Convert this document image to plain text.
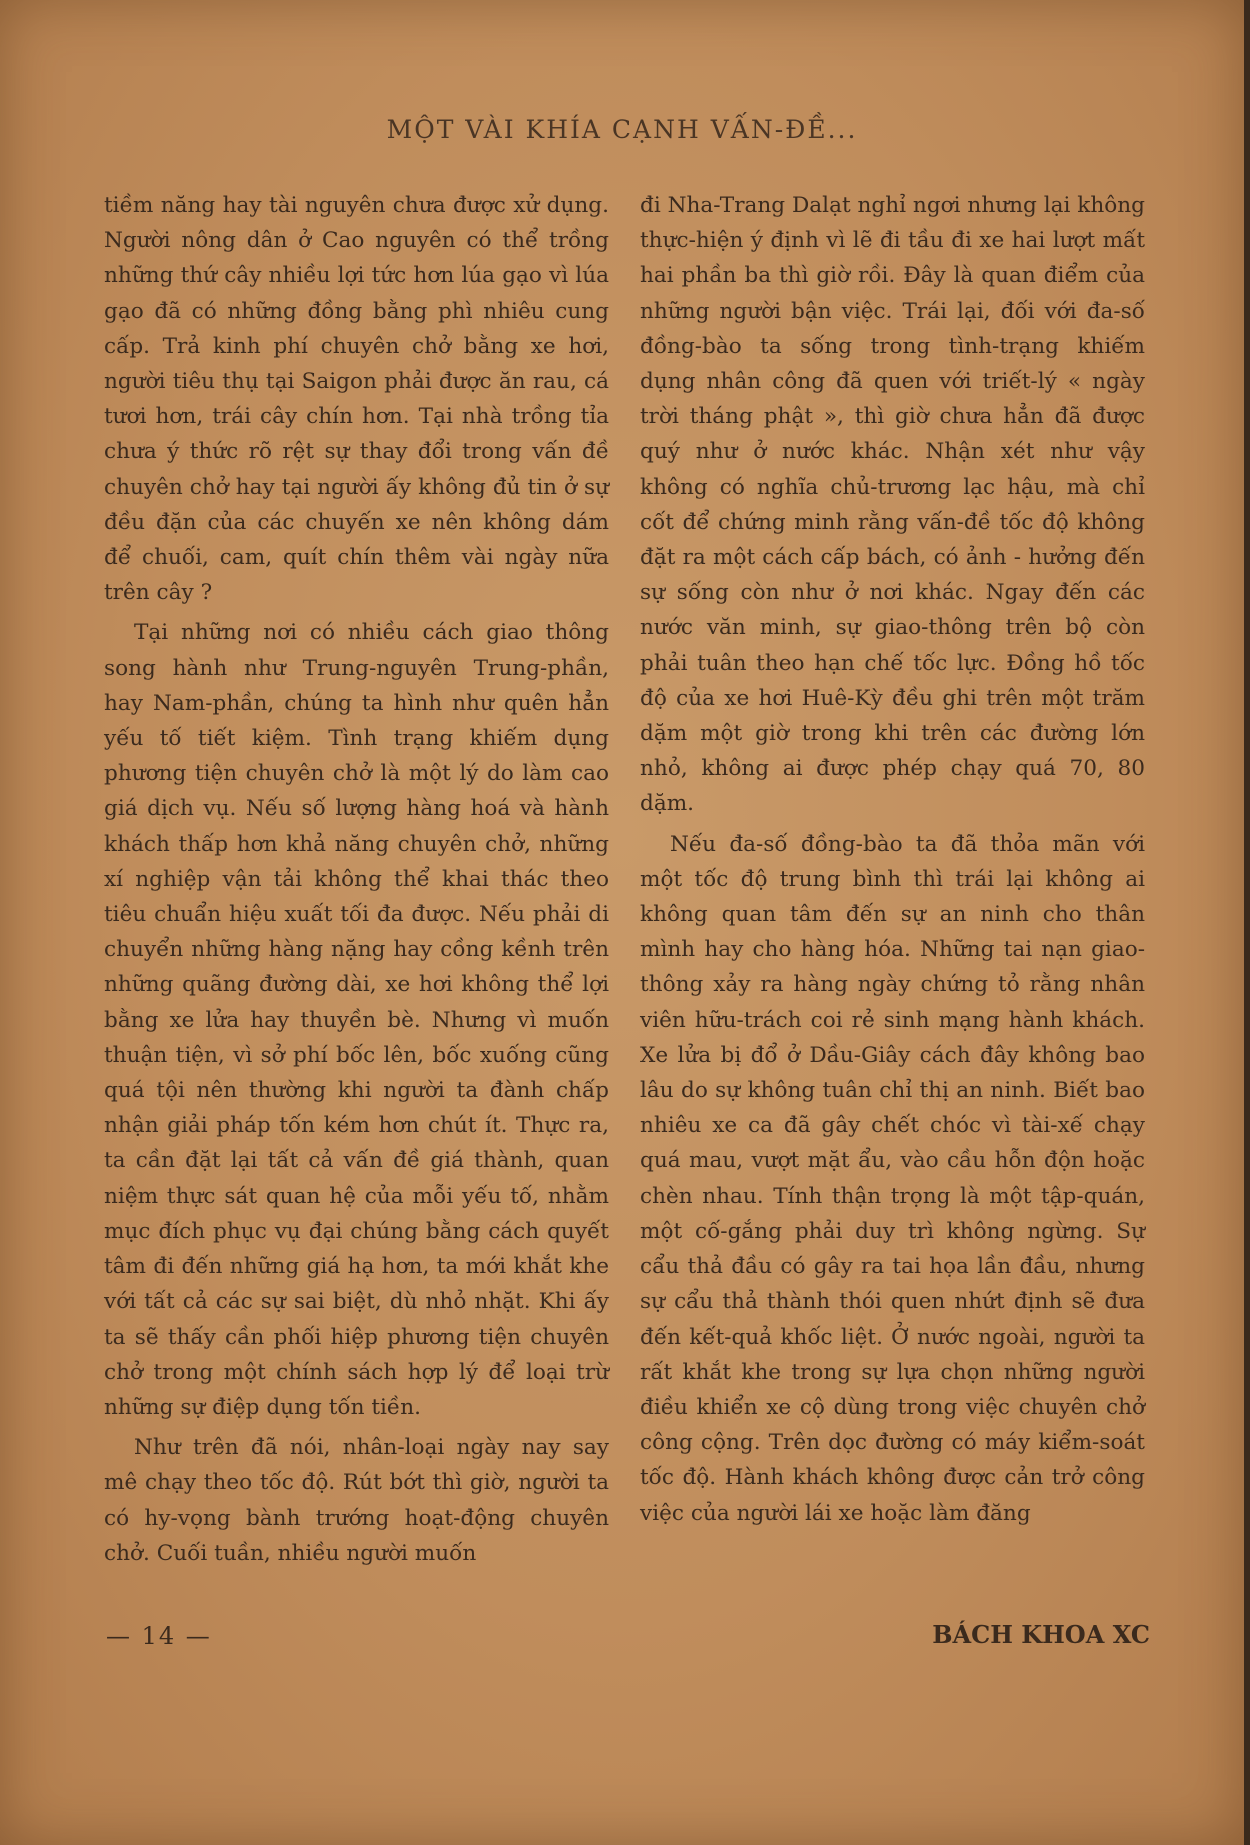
MỘT VÀI KHÍA CẠNH VẤN-ĐỀ...

tiềm năng hay tài nguyên chưa được xử dụng. Người nông dân ở Cao nguyên có thể trồng những thứ cây nhiều lợi tức hơn lúa gạo vì lúa gạo đã có những đồng bằng phì nhiêu cung cấp. Trả kinh phí chuyên chở bằng xe hơi, người tiêu thụ tại Saigon phải được ăn rau, cá tươi hơn, trái cây chín hơn. Tại nhà trồng tỉa chưa ý thức rõ rệt sự thay đổi trong vấn đề chuyên chở hay tại người ấy không đủ tin ở sự đều đặn của các chuyến xe nên không dám để chuối, cam, quít chín thêm vài ngày nữa trên cây ?

Tại những nơi có nhiều cách giao thông song hành như Trung-nguyên Trung-phần, hay Nam-phần, chúng ta hình như quên hẳn yếu tố tiết kiệm. Tình trạng khiếm dụng phương tiện chuyên chở là một lý do làm cao giá dịch vụ. Nếu số lượng hàng hoá và hành khách thấp hơn khả năng chuyên chở, những xí nghiệp vận tải không thể khai thác theo tiêu chuẩn hiệu xuất tối đa được. Nếu phải di chuyển những hàng nặng hay cồng kềnh trên những quãng đường dài, xe hơi không thể lợi bằng xe lửa hay thuyền bè. Nhưng vì muốn thuận tiện, vì sở phí bốc lên, bốc xuống cũng quá tội nên thường khi người ta đành chấp nhận giải pháp tốn kém hơn chút ít. Thực ra, ta cần đặt lại tất cả vấn đề giá thành, quan niệm thực sát quan hệ của mỗi yếu tố, nhằm mục đích phục vụ đại chúng bằng cách quyết tâm đi đến những giá hạ hơn, ta mới khắt khe với tất cả các sự sai biệt, dù nhỏ nhặt. Khi ấy ta sẽ thấy cần phối hiệp phương tiện chuyên chở trong một chính sách hợp lý để loại trừ những sự điệp dụng tốn tiền.

Như trên đã nói, nhân-loại ngày nay say mê chạy theo tốc độ. Rút bớt thì giờ, người ta có hy-vọng bành trướng hoạt-động chuyên chở. Cuối tuần, nhiều người muốn

đi Nha-Trang Dalạt nghỉ ngơi nhưng lại không thực-hiện ý định vì lẽ đi tầu đi xe hai lượt mất hai phần ba thì giờ rồi. Đây là quan điểm của những người bận việc. Trái lại, đối với đa-số đồng-bào ta sống trong tình-trạng khiếm dụng nhân công đã quen với triết-lý « ngày trời tháng phật », thì giờ chưa hẳn đã được quý như ở nước khác. Nhận xét như vậy không có nghĩa chủ-trương lạc hậu, mà chỉ cốt để chứng minh rằng vấn-đề tốc độ không đặt ra một cách cấp bách, có ảnh - hưởng đến sự sống còn như ở nơi khác. Ngay đến các nước văn minh, sự giao-thông trên bộ còn phải tuân theo hạn chế tốc lực. Đồng hồ tốc độ của xe hơi Huê-Kỳ đều ghi trên một trăm dặm một giờ trong khi trên các đường lớn nhỏ, không ai được phép chạy quá 70, 80 dặm.

Nếu đa-số đồng-bào ta đã thỏa mãn với một tốc độ trung bình thì trái lại không ai không quan tâm đến sự an ninh cho thân mình hay cho hàng hóa. Những tai nạn giao-thông xảy ra hàng ngày chứng tỏ rằng nhân viên hữu-trách coi rẻ sinh mạng hành khách. Xe lửa bị đổ ở Dầu-Giây cách đây không bao lâu do sự không tuân chỉ thị an ninh. Biết bao nhiêu xe ca đã gây chết chóc vì tài-xế chạy quá mau, vượt mặt ẩu, vào cầu hỗn độn hoặc chèn nhau. Tính thận trọng là một tập-quán, một cố-gắng phải duy trì không ngừng. Sự cẩu thả đầu có gây ra tai họa lần đầu, nhưng sự cẩu thả thành thói quen nhứt định sẽ đưa đến kết-quả khốc liệt. Ở nước ngoài, người ta rất khắt khe trong sự lựa chọn những người điều khiển xe cộ dùng trong việc chuyên chở công cộng. Trên dọc đường có máy kiểm-soát tốc độ. Hành khách không được cản trở công việc của người lái xe hoặc làm đăng

— 14 —	BÁCH KHOA XC
